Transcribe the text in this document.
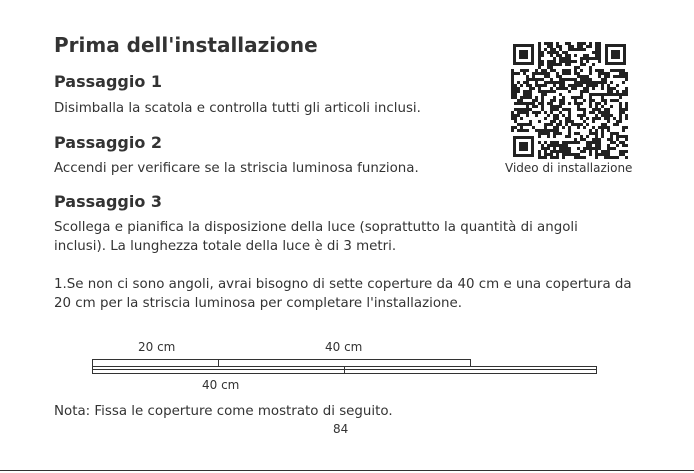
Prima dell'installazione
Passaggio 1
Disimballa la scatola e controlla tutti gli articoli inclusi.
Passaggio 2
Accendi per verificare se la striscia luminosa funziona.
Passaggio 3
Scollega e pianifica la disposizione della luce (soprattutto la quantità di angoli inclusi). La lunghezza totale della luce è di 3 metri.
1.Se non ci sono angoli, avrai bisogno di sette coperture da 40 cm e una copertura da 20 cm per la striscia luminosa per completare l'installazione.
Video di installazione
20 cm	40 cm
40 cm
Nota: Fissa le coperture come mostrato di seguito.
84
